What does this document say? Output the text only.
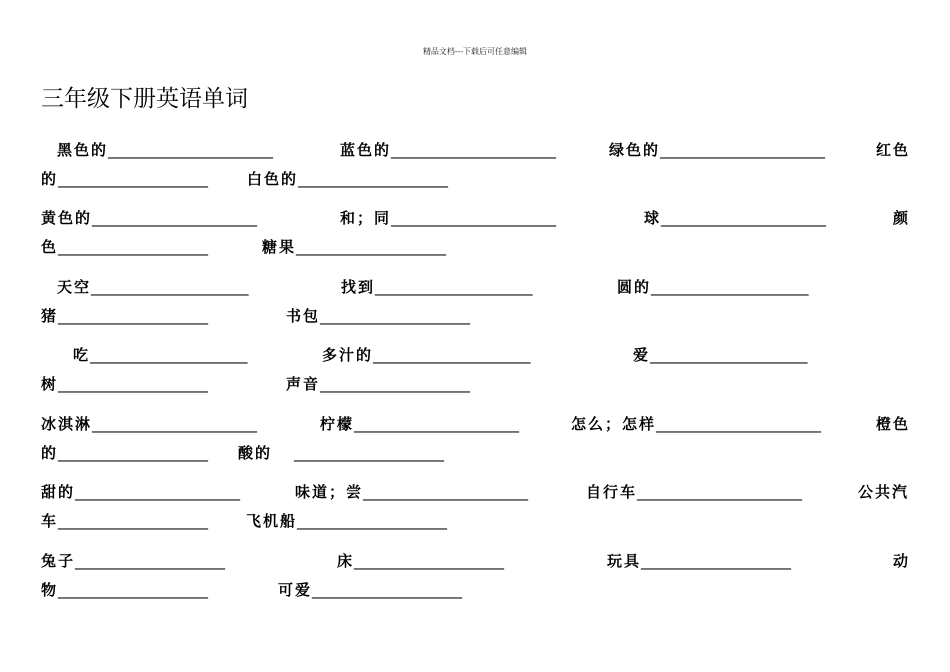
精品文档---下载后可任意编辑
三年级下册英语单词
黑色的______________________	蓝色的______________________	绿色的______________________	红色
的____________________	白色的____________________
黄色的______________________	和；同______________________	球______________________	颜
色____________________	糖果____________________
天空_____________________	找到_____________________	圆的_____________________
猪____________________	书包____________________
吃_____________________	多汁的_____________________	爱_____________________
树____________________	声音____________________
冰淇淋______________________	柠檬______________________	怎么；怎样______________________	橙色
的____________________ 酸的 ____________________
甜的______________________	味道；尝______________________	自行车______________________	公共汽
车____________________	飞机船____________________
兔子____________________	床____________________	玩具____________________	动
物____________________	可爱____________________
